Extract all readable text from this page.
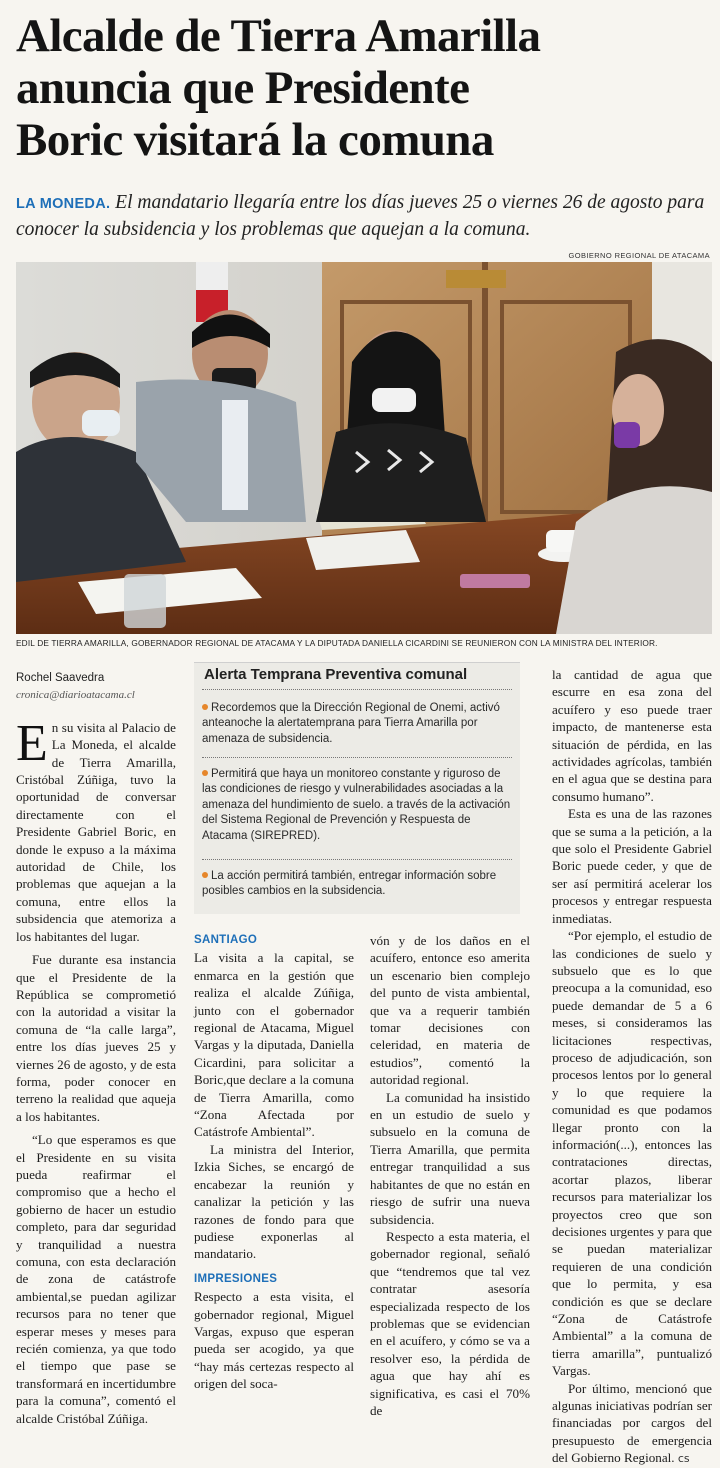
Alcalde de Tierra Amarilla
anuncia que Presidente
Boric visitará la comuna
LA MONEDA. El mandatario llegaría entre los días jueves 25 o viernes 26 de agosto para conocer la subsidencia y los problemas que aquejan a la comuna.
GOBIERNO REGIONAL DE ATACAMA
EDIL DE TIERRA AMARILLA, GOBERNADOR REGIONAL DE ATACAMA Y LA DIPUTADA DANIELLA CICARDINI SE REUNIERON CON LA MINISTRA DEL INTERIOR.
Rochel Saavedra
cronica@diarioatacama.cl

En su visita al Palacio de La Moneda, el alcalde de Tierra Amarilla, Cristóbal Zúñiga, tuvo la oportunidad de conversar directamente con el Presidente Gabriel Boric, en donde le expuso a la máxima autoridad de Chile, los problemas que aquejan a la comuna, entre ellos la subsidencia que atemoriza a los habitantes del lugar.

Fue durante esa instancia que el Presidente de la República se comprometió con la autoridad a visitar la comuna de “la calle larga”, entre los días jueves 25 y viernes 26 de agosto, y de esta forma, poder conocer en terreno la realidad que aqueja a los habitantes.

“Lo que esperamos es que el Presidente en su visita pueda reafirmar el compromiso que a hecho el gobierno de hacer un estudio completo, para dar seguridad y tranquilidad a nuestra comuna, con esta declaración de zona de catástrofe ambiental,se puedan agilizar recursos para no tener que esperar meses y meses para recién comienza, ya que todo el tiempo que pase se transformará en incertidumbre para la comuna”, comentó el alcalde Cristóbal Zúñiga.

Alerta Temprana Preventiva comunal
Recordemos que la Dirección Regional de Onemi, activó anteanoche la alertatemprana para Tierra Amarilla por amenaza de subsidencia.
Permitirá que haya un monitoreo constante y riguroso de las condiciones de riesgo y vulnerabilidades asociadas a la amenaza del hundimiento de suelo. a través de la activación del Sistema Regional de Prevención y Respuesta de Atacama (SIREPRED).
La acción permitirá también, entregar información sobre posibles cambios en la subsidencia.

SANTIAGO

La visita a la capital, se enmarca en la gestión que realiza el alcalde Zúñiga, junto con el gobernador regional de Atacama, Miguel Vargas y la diputada, Daniella Cicardini, para solicitar a Boric,que declare a la comuna de Tierra Amarilla, como “Zona Afectada por Catástrofe Ambiental”.

La ministra del Interior, Izkia Siches, se encargó de encabezar la reunión y canalizar la petición y las razones de fondo para que pudiese exponerlas al mandatario.

IMPRESIONES

Respecto a esta visita, el gobernador regional, Miguel Vargas, expuso que esperan pueda ser acogido, ya que “hay más certezas respecto al origen del soca-

vón y de los daños en el acuífero, entonce eso amerita un escenario bien complejo del punto de vista ambiental, que va a requerir también tomar decisiones con celeridad, en materia de estudios”, comentó la autoridad regional.

La comunidad ha insistido en un estudio de suelo y subsuelo en la comuna de Tierra Amarilla, que permita entregar tranquilidad a sus habitantes de que no están en riesgo de sufrir una nueva subsidencia.

Respecto a esta materia, el gobernador regional, señaló que “tendremos que tal vez contratar asesoría especializada respecto de los problemas que se evidencian en el acuífero, y cómo se va a resolver eso, la pérdida de agua que hay ahí es significativa, es casi el 70% de

la cantidad de agua que escurre en esa zona del acuífero y eso puede traer impacto, de mantenerse esta situación de pérdida, en las actividades agrícolas, también en el agua que se destina para consumo humano”.

Esta es una de las razones que se suma a la petición, a la que solo el Presidente Gabriel Boric puede ceder, y que de ser así permitirá acelerar los procesos y entregar respuesta inmediatas.

“Por ejemplo, el estudio de las condiciones de suelo y subsuelo que es lo que preocupa a la comunidad, eso puede demandar de 5 a 6 meses, si consideramos las licitaciones respectivas, proceso de adjudicación, son procesos lentos por lo general y lo que requiere la comunidad es que podamos llegar pronto con la información(...), entonces las contrataciones directas, acortar plazos, liberar recursos para materializar los proyectos creo que son decisiones urgentes y para que se puedan materializar requieren de una condición que lo permita, y esa condición es que se declare “Zona de Catástrofe Ambiental” a la comuna de tierra amarilla”, puntualizó Vargas.

Por último, mencionó que algunas iniciativas podrían ser financiadas por cargos del presupuesto de emergencia del Gobierno Regional. cs
